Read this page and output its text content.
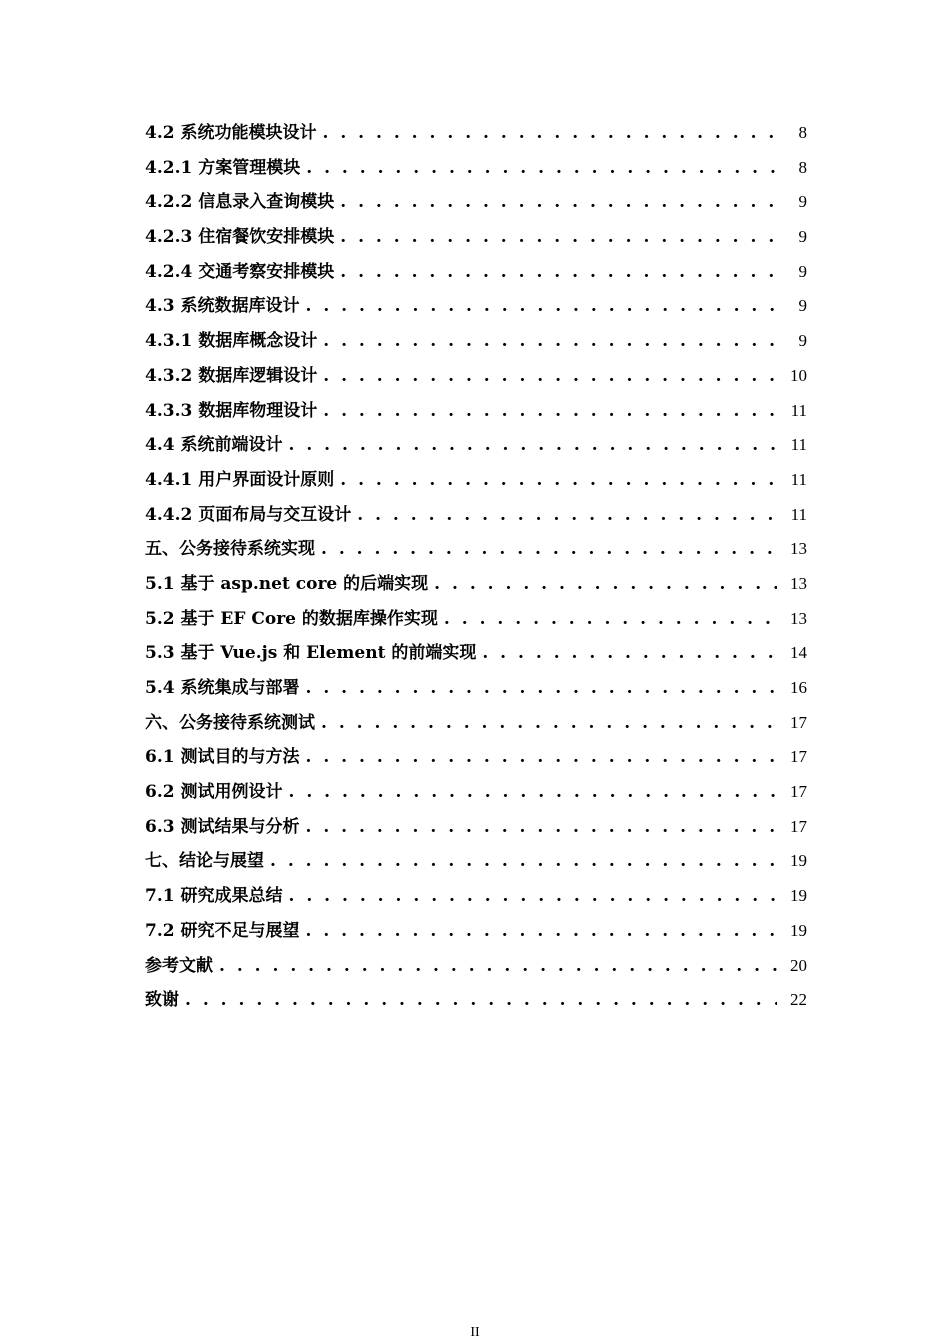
4.2 系统功能模块设计 . . .	8
4.2.1 方案管理模块 . . .	8
4.2.2 信息录入查询模块 . . .	9
4.2.3 住宿餐饮安排模块 . . .	9
4.2.4 交通考察安排模块 . . .	9
4.3 系统数据库设计 . . .	9
4.3.1 数据库概念设计 . . .	9
4.3.2 数据库逻辑设计 . . .	10
4.3.3 数据库物理设计 . . .	11
4.4 系统前端设计 . . .	11
4.4.1 用户界面设计原则 . . .	11
4.4.2 页面布局与交互设计 . . .	11
五、公务接待系统实现 . . .	13
5.1 基于 asp.net core 的后端实现 . . .	13
5.2 基于 EF Core 的数据库操作实现 . . .	13
5.3 基于 Vue.js 和 Element 的前端实现 . . .	14
5.4 系统集成与部署 . . .	16
六、公务接待系统测试 . . .	17
6.1 测试目的与方法 . . .	17
6.2 测试用例设计 . . .	17
6.3 测试结果与分析 . . .	17
七、结论与展望 . . .	19
7.1 研究成果总结 . . .	19
7.2 研究不足与展望 . . .	19
参考文献 . . .	20
致谢 . . .	22
II
